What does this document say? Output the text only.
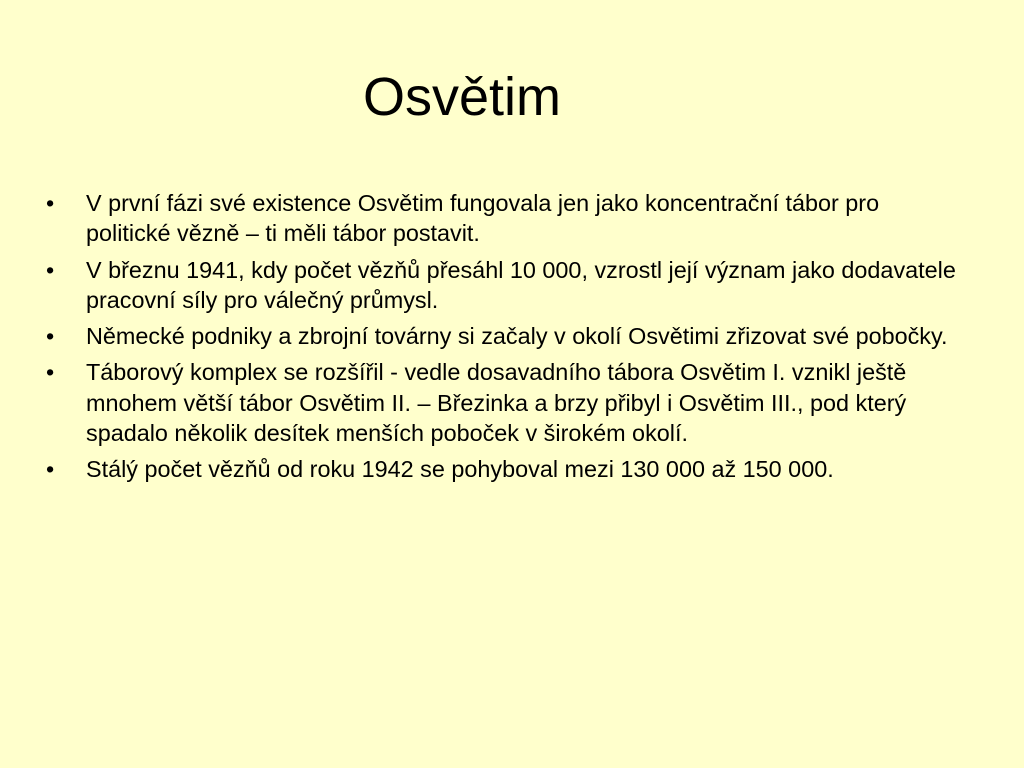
Osvětim
•	V první fázi své existence Osvětim fungovala jen jako koncentrační tábor pro politické vězně – ti měli tábor postavit.
•	V březnu 1941, kdy počet vězňů přesáhl 10 000, vzrostl její význam jako dodavatele pracovní síly pro válečný průmysl.
•	Německé podniky a zbrojní továrny si začaly v okolí Osvětimi zřizovat své pobočky.
•	Táborový komplex se rozšířil - vedle dosavadního tábora Osvětim I. vznikl ještě mnohem větší tábor Osvětim II. – Březinka a brzy přibyl i Osvětim III., pod který spadalo několik desítek menších poboček v širokém okolí.
•	Stálý počet vězňů od roku 1942 se pohyboval mezi 130 000 až 150 000.
